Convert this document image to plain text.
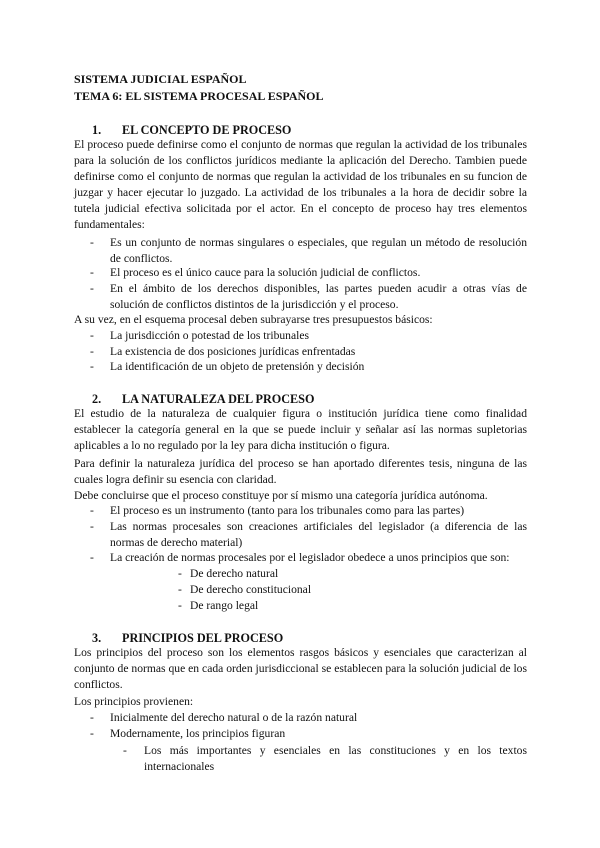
SISTEMA JUDICIAL ESPAÑOL
TEMA 6: EL SISTEMA PROCESAL ESPAÑOL
1. EL CONCEPTO DE PROCESO
El proceso puede definirse como el conjunto de normas que regulan la actividad de los tribunales para la solución de los conflictos jurídicos mediante la aplicación del Derecho. Tambien puede definirse como el conjunto de normas que regulan la actividad de los tribunales en su funcion de juzgar y hacer ejecutar lo juzgado. La actividad de los tribunales a la hora de decidir sobre la tutela judicial efectiva solicitada por el actor. En el concepto de proceso hay tres elementos fundamentales:
- Es un conjunto de normas singulares o especiales, que regulan un método de resolución de conflictos.
- El proceso es el único cauce para la solución judicial de conflictos.
- En el ámbito de los derechos disponibles, las partes pueden acudir a otras vías de solución de conflictos distintos de la jurisdicción y el proceso.
A su vez, en el esquema procesal deben subrayarse tres presupuestos básicos:
- La jurisdicción o potestad de los tribunales
- La existencia de dos posiciones jurídicas enfrentadas
- La identificación de un objeto de pretensión y decisión
2. LA NATURALEZA DEL PROCESO
El estudio de la naturaleza de cualquier figura o institución jurídica tiene como finalidad establecer la categoría general en la que se puede incluir y señalar así las normas supletorias aplicables a lo no regulado por la ley para dicha institución o figura.
Para definir la naturaleza jurídica del proceso se han aportado diferentes tesis, ninguna de las cuales logra definir su esencia con claridad.
Debe concluirse que el proceso constituye por sí mismo una categoría jurídica autónoma.
- El proceso es un instrumento (tanto para los tribunales como para las partes)
- Las normas procesales son creaciones artificiales del legislador (a diferencia de las normas de derecho material)
- La creación de normas procesales por el legislador obedece a unos principios que son:
- De derecho natural
- De derecho constitucional
- De rango legal
3. PRINCIPIOS DEL PROCESO
Los principios del proceso son los elementos rasgos básicos y esenciales que caracterizan al conjunto de normas que en cada orden jurisdiccional se establecen para la solución judicial de los conflictos.
Los principios provienen:
- Inicialmente del derecho natural o de la razón natural
- Modernamente, los principios figuran
- Los más importantes y esenciales en las constituciones y en los textos internacionales
